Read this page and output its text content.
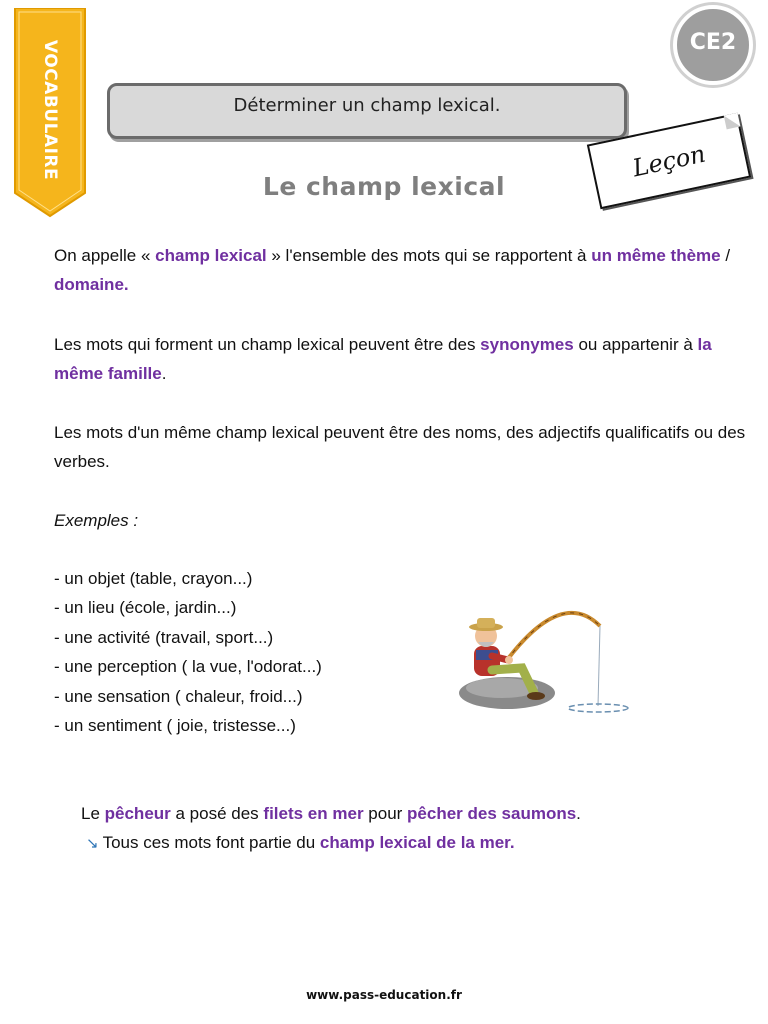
VOCABULAIRE	CE2
Déterminer un champ lexical.
Leçon
Le champ lexical

On appelle « champ lexical » l'ensemble des mots qui se rapportent à un même thème / domaine.

Les mots qui forment un champ lexical peuvent être des synonymes ou appartenir à la même famille.

Les mots d'un même champ lexical peuvent être des noms, des adjectifs qualificatifs ou des verbes.

Exemples :

- un objet (table, crayon...)
- un lieu (école, jardin...)
- une activité (travail, sport...)
- une perception ( la vue, l'odorat...)
- une sensation ( chaleur, froid...)
- un sentiment ( joie, tristesse...)

Le pêcheur a posé des filets en mer pour pêcher des saumons.

↘ Tous ces mots font partie du champ lexical de la mer.

www.pass-education.fr
